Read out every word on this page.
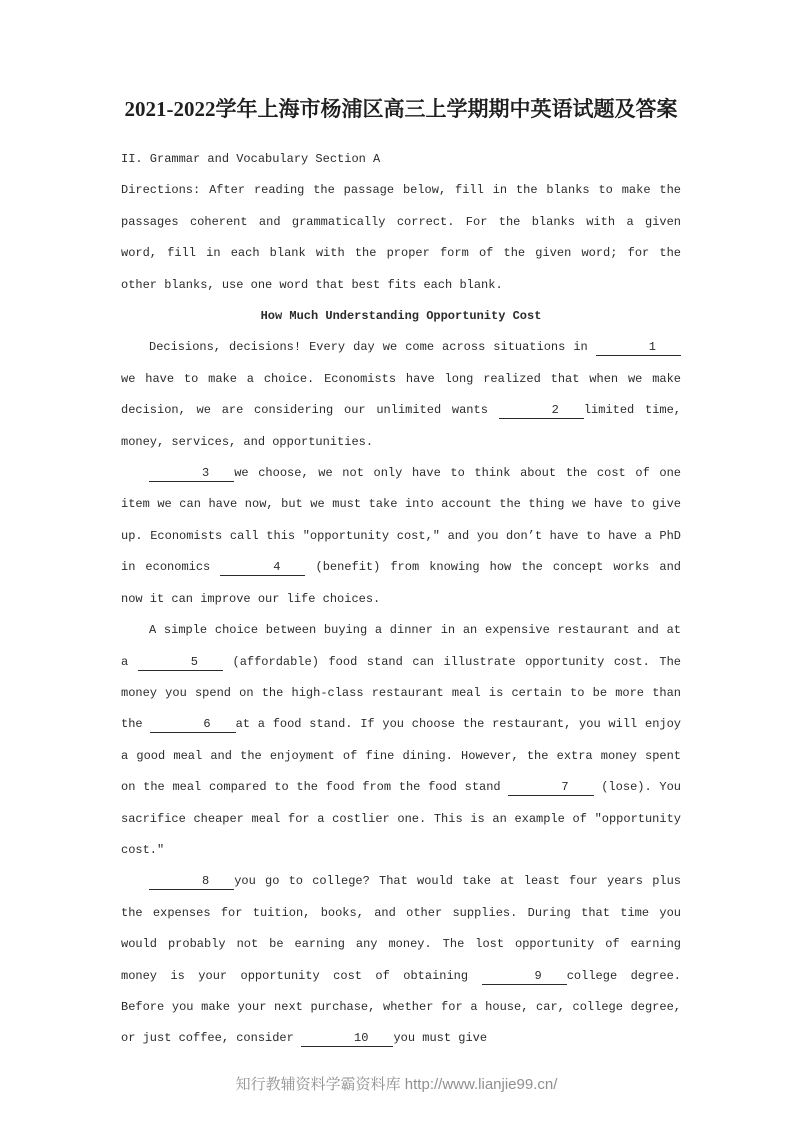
2021-2022学年上海市杨浦区高三上学期期中英语试题及答案
II. Grammar and Vocabulary Section A

Directions: After reading the passage below, fill in the blanks to make the passages coherent and grammatically correct. For the blanks with a given word, fill in each blank with the proper form of the given word; for the other blanks, use one word that best fits each blank.

How Much Understanding Opportunity Cost

Decisions, decisions! Every day we come across situations in	1we have to make a choice. Economists have long realized that when we make decision, we are considering our unlimited wants	2 limited time, money, services, and opportunities.

3 we choose, we not only have to think about the cost of one item we can have now, but we must take into account the thing we have to give up. Economists call this ″opportunity cost,″ and you don’t have to have a PhD in economics	4 (benefit) from knowing how the concept works and now it can improve our life choices.

A simple choice between buying a dinner in an expensive restaurant and at a	5 (affordable) food stand can illustrate opportunity cost. The money you spend on the high-class restaurant meal is certain to be more than the	6 at a food stand. If you choose the restaurant, you will enjoy a good meal and the enjoyment of fine dining. However, the extra money spent on the meal compared to the food from the food stand	7 (lose). You sacrifice cheaper meal for a costlier one. This is an example of ″opportunity cost.″

8 you go to college? That would take at least four years plus the expenses for tuition, books, and other supplies. During that time you would probably not be earning any money. The lost opportunity of earning money is your opportunity cost of obtaining	9 college degree. Before you make your next purchase, whether for a house, car, college degree, or just coffee, consider	10 you must give

知行教辅资料学霸资料库 http://www.lianjie99.cn/
